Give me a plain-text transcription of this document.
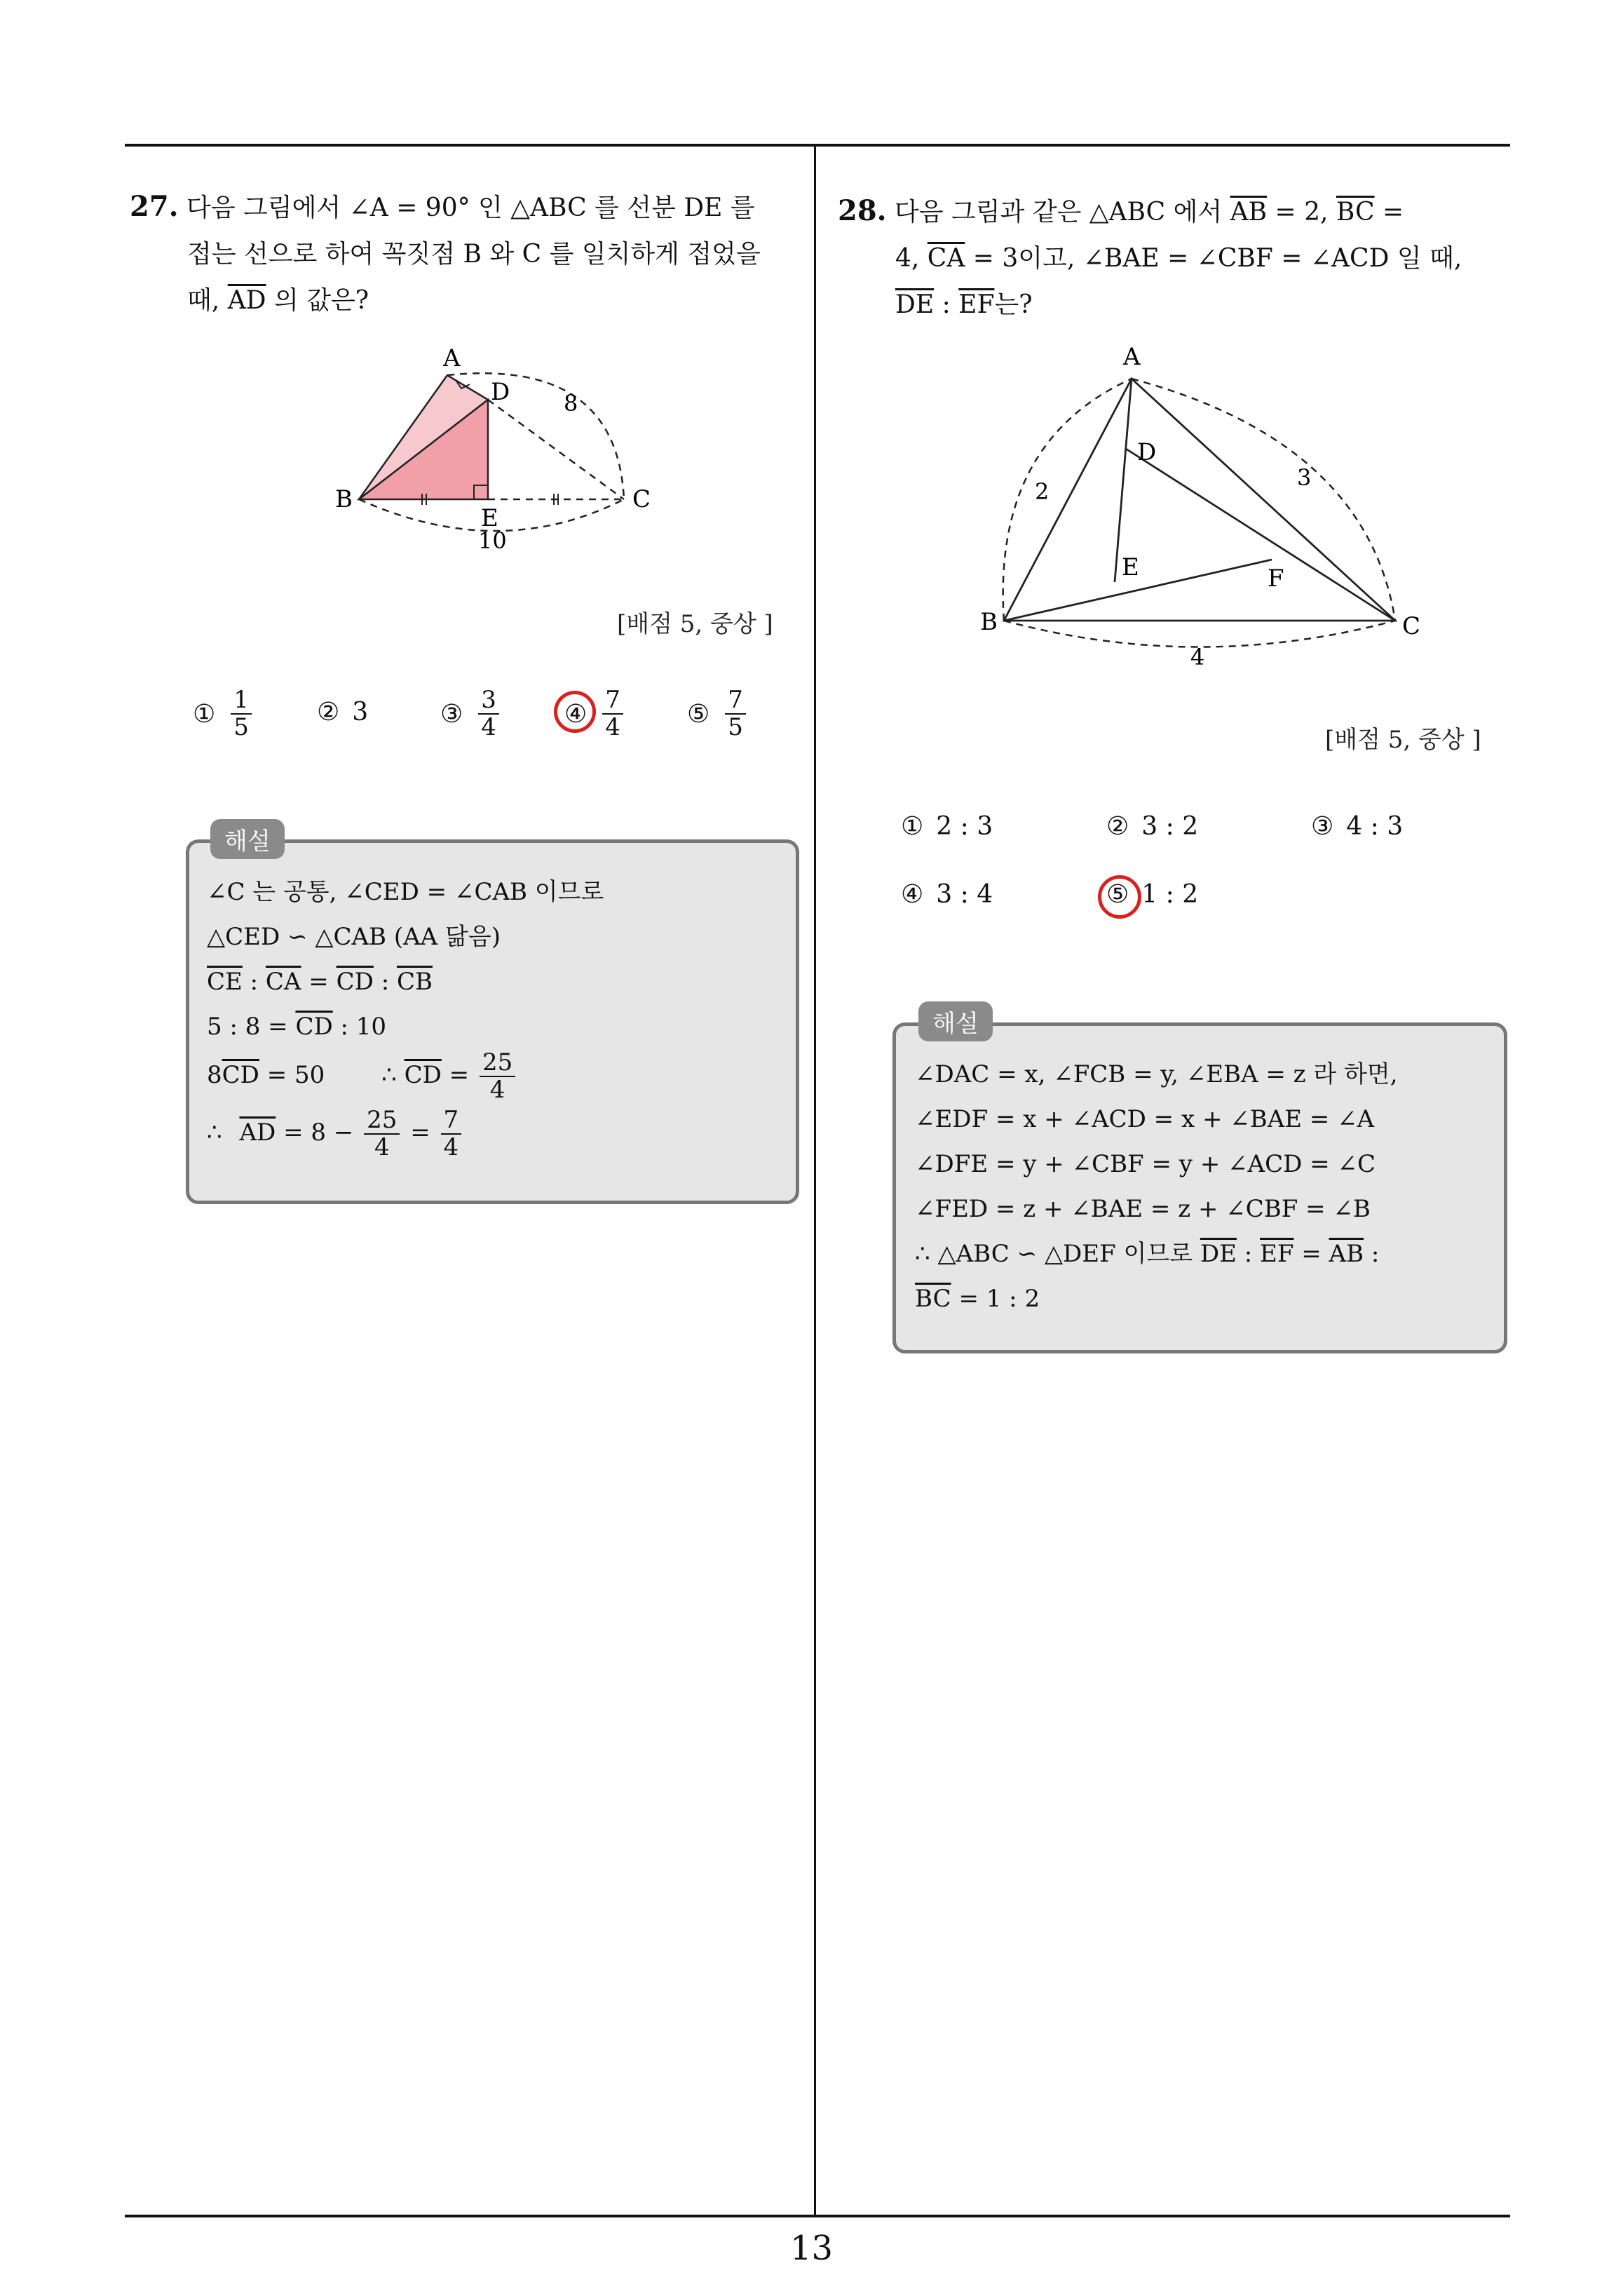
13
27. 다음 그림에서 ∠A = 90° 인 △ABC 를 선분 DE 를
접는 선으로 하여 꼭짓점 B 와 C 를 일치하게 접었을
때, $\overline{AD}$ 의 값은?
A
D
B
E
C
8
10
[배점 5, 중상 ]
① $\frac{1}{5}$	② 3	③ $\frac{3}{4}$	④ $\frac{7}{4}$	⑤ $\frac{7}{5}$
해설
∠C 는 공통, ∠CED = ∠CAB 이므로
△CED ∽ △CAB (AA 닮음)
$\overline{CE}$ : $\overline{CA} = \overline{CD}$ : $\overline{CB}$
5 : $8 = \overline{CD}$ : 10
$8\overline{CD} = 50$ ∴ $\overline{CD} = \frac{25}{4}$
∴ $\overline{AD} = 8 - \frac{25}{4} = \frac{7}{4}$
28. 다음 그림과 같은 △ABC 에서 $\overline{AB} = 2$, $\overline{BC}$ =
4, $\overline{CA} = 3$이고, ∠BAE = ∠CBF = ∠ACD 일 때,
$\overline{DE}$ : $\overline{EF}$는?
A
D
E	F
B	C
2
3
4
[배점 5, 중상 ]
① 2 : 3	② 3 : 2	③ 4 : 3
④ 3 : 4	⑤ 1 : 2
해설
∠DAC = x, ∠FCB = y, ∠EBA = z 라 하면,
∠EDF = x + ∠ACD = x + ∠BAE = ∠A
∠DFE = y + ∠CBF = y + ∠ACD = ∠C
∠FED = z + ∠BAE = z + ∠CBF = ∠B
∴ △ABC ∽ △DEF 이므로 $\overline{DE}$ : $\overline{EF} = \overline{AB}$ :
$\overline{BC} = 1$ : 2
